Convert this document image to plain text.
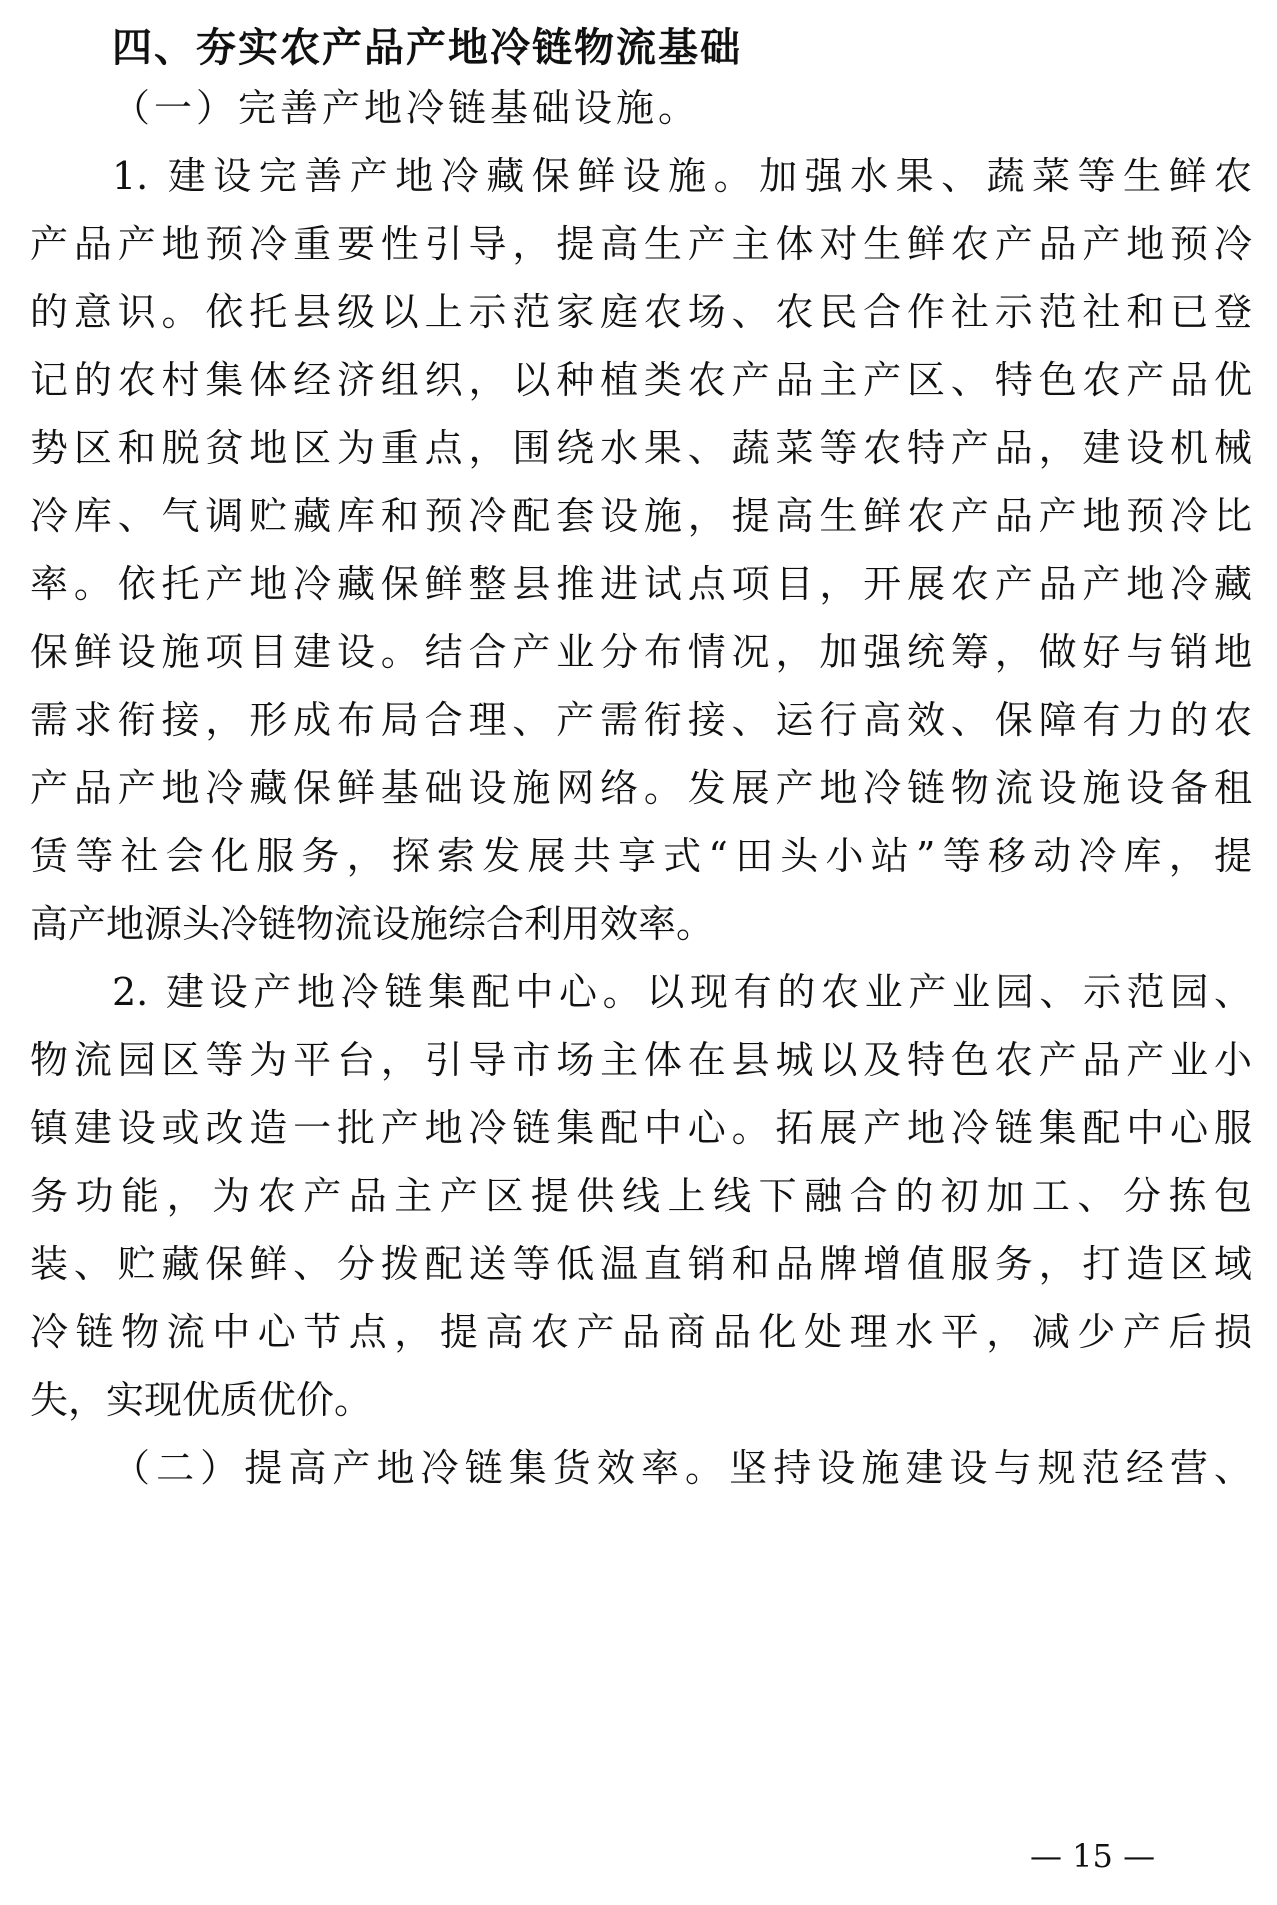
四、夯实农产品产地冷链物流基础
（一）完善产地冷链基础设施。
1. 建设完善产地冷藏保鲜设施。加强水果、蔬菜等生鲜农
产品产地预冷重要性引导，提高生产主体对生鲜农产品产地预冷
的意识。依托县级以上示范家庭农场、农民合作社示范社和已登
记的农村集体经济组织，以种植类农产品主产区、特色农产品优
势区和脱贫地区为重点，围绕水果、蔬菜等农特产品，建设机械
冷库、气调贮藏库和预冷配套设施，提高生鲜农产品产地预冷比
率。依托产地冷藏保鲜整县推进试点项目，开展农产品产地冷藏
保鲜设施项目建设。结合产业分布情况，加强统筹，做好与销地
需求衔接，形成布局合理、产需衔接、运行高效、保障有力的农
产品产地冷藏保鲜基础设施网络。发展产地冷链物流设施设备租
赁等社会化服务，探索发展共享式“田头小站”等移动冷库，提
高产地源头冷链物流设施综合利用效率。
2. 建设产地冷链集配中心。以现有的农业产业园、示范园、
物流园区等为平台，引导市场主体在县城以及特色农产品产业小
镇建设或改造一批产地冷链集配中心。拓展产地冷链集配中心服
务功能，为农产品主产区提供线上线下融合的初加工、分拣包
装、贮藏保鲜、分拨配送等低温直销和品牌增值服务，打造区域
冷链物流中心节点，提高农产品商品化处理水平，减少产后损
失，实现优质优价。
（二）提高产地冷链集货效率。坚持设施建设与规范经营、
— 15 —
